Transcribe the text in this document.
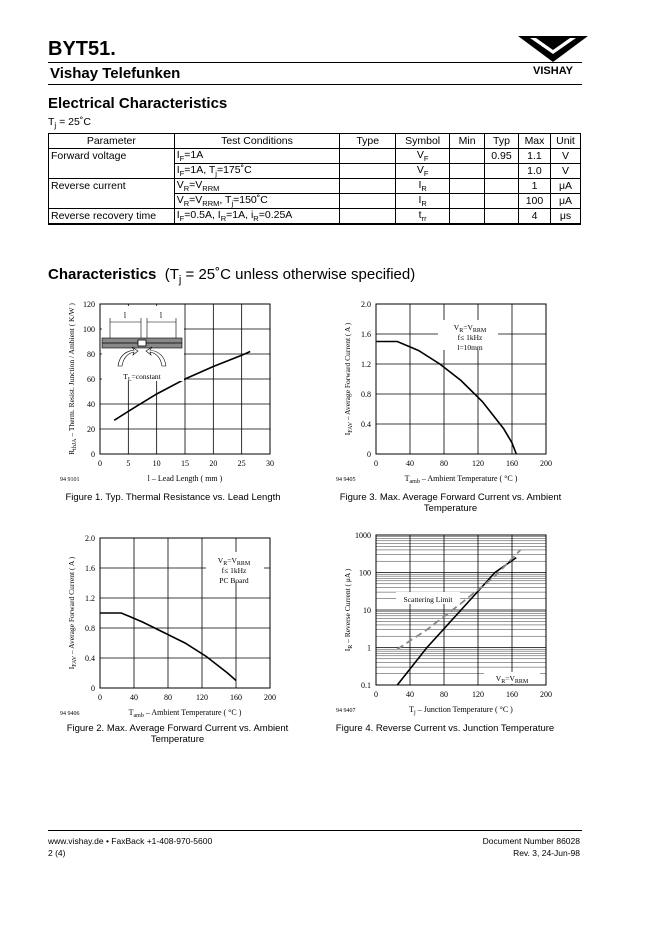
BYT51.
Vishay Telefunken	VISHAY
Electrical Characteristics
$T_j$ = 25˚C
Parameter	Test Conditions	Type	Symbol	Min	Typ	Max	Unit
Forward voltage	$I_F=1A$		$V_F$		0.95	1.1	V
	$I_F=1A$, $T_j=175˚C$		$V_F$			1.0	V
Reverse current	$V_R=V_{RRM}$		$I_R$			1	μA
	$V_R=V_{RRM}$, $T_j=150˚C$		$I_R$			100	μA
Reverse recovery time	$I_F=0.5A$, $I_R=1A$, $i_R=0.25A$		$t_{rr}$			4	μs
Characteristics ($T_j$ = 25˚C unless otherwise specified)
0	5	10	15	20	25	30
0
20
40
60
80
100
120
l – Lead Length ( mm )
$R_{thJA}$ – Therm. Resist. Junction / Ambient ( K/W )
94 9101
l	l
$T_L=constant$
Figure 1. Typ. Thermal Resistance vs. Lead Length
0	40	80	120	160	200
0
0.4
0.8
1.2
1.6
2.0
$T_{amb}$ – Ambient Temperature ( °C )
$I_{FAV}$ – Average Forward Current ( A )
94 9405
$V_R=V_{RRM}$
f≤ 1kHz
l=10mm
Figure 3. Max. Average Forward Current vs. Ambient Temperature
0	40	80	120	160	200
0
0.4
0.8
1.2
1.6
2.0
$T_{amb}$ – Ambient Temperature ( °C )
$I_{FAV}$ – Average Forward Current ( A )
94 9406
$V_R=V_{RRM}$
f≤ 1kHz
PC Board
Figure 2. Max. Average Forward Current vs. Ambient Temperature
0	40	80	120	160	200
0.1
1
10
100
1000
$T_j$ – Junction Temperature ( °C )
$I_R$ – Reverse Current ( μA )
94 9407
Scattering Limit
$V_R=V_{RRM}$
Figure 4. Reverse Current vs. Junction Temperature
www.vishay.de • FaxBack +1-408-970-5600
2 (4)
Document Number 86028
Rev. 3, 24-Jun-98
